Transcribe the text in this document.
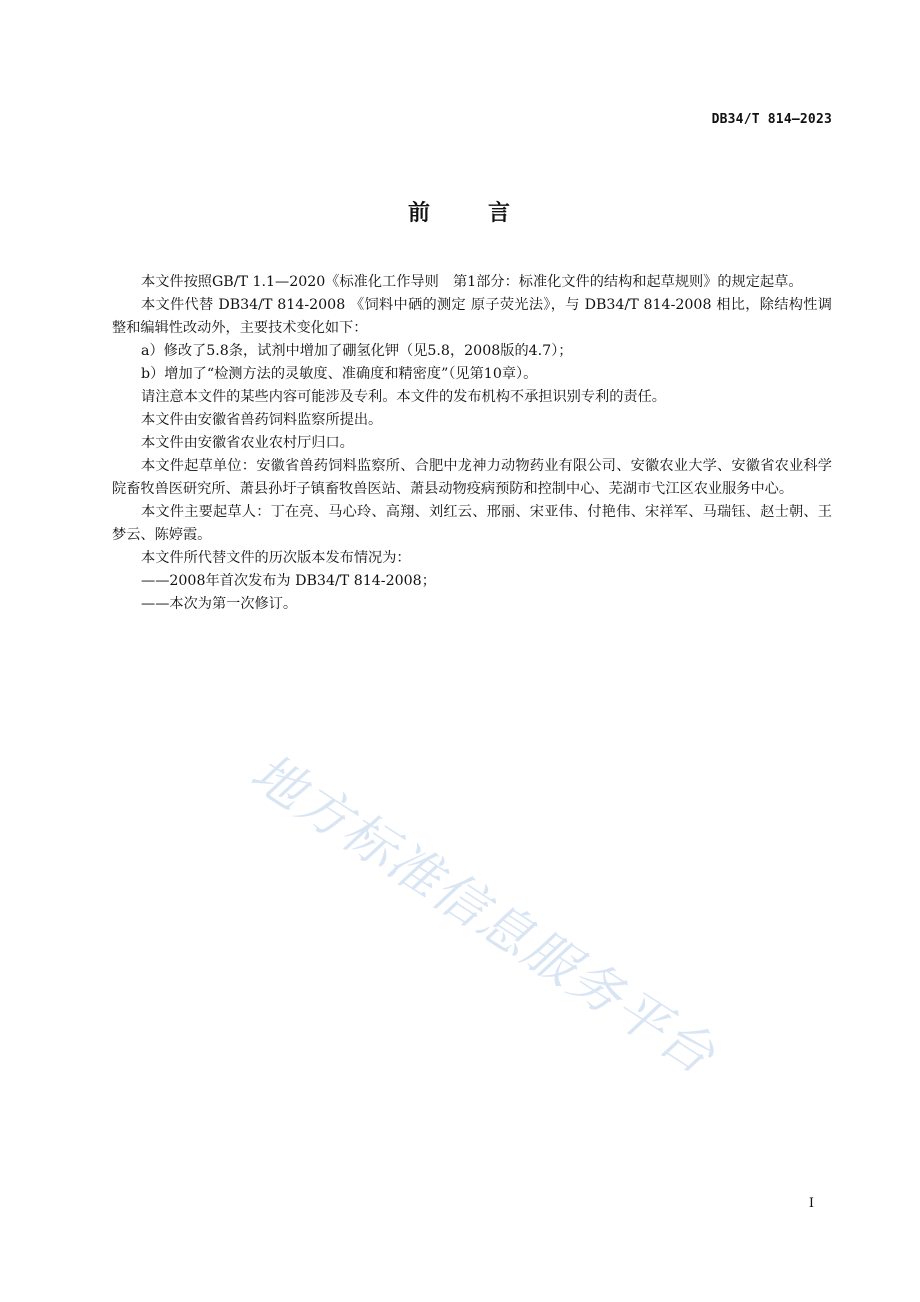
DB34/T 814—2023
前	言

本文件按照GB/T 1.1—2020《标准化工作导则　第1部分：标准化文件的结构和起草规则》的规定起草。

本文件代替 DB34/T 814-2008 《饲料中硒的测定 原子荧光法》，与 DB34/T 814-2008 相比，除结构性调整和编辑性改动外，主要技术变化如下：

a）修改了5.8条，试剂中增加了硼氢化钾（见5.8，2008版的4.7）；

b）增加了“检测方法的灵敏度、准确度和精密度”（见第10章）。

请注意本文件的某些内容可能涉及专利。本文件的发布机构不承担识别专利的责任。

本文件由安徽省兽药饲料监察所提出。

本文件由安徽省农业农村厅归口。

本文件起草单位：安徽省兽药饲料监察所、合肥中龙神力动物药业有限公司、安徽农业大学、安徽省农业科学院畜牧兽医研究所、萧县孙圩子镇畜牧兽医站、萧县动物疫病预防和控制中心、芜湖市弋江区农业服务中心。

本文件主要起草人：丁在亮、马心玲、高翔、刘红云、邢丽、宋亚伟、付艳伟、宋祥军、马瑞钰、赵士朝、王梦云、陈婷霞。

本文件所代替文件的历次版本发布情况为：

——2008年首次发布为 DB34/T 814-2008；

——本次为第一次修订。

地方标准信息服务平台
I
